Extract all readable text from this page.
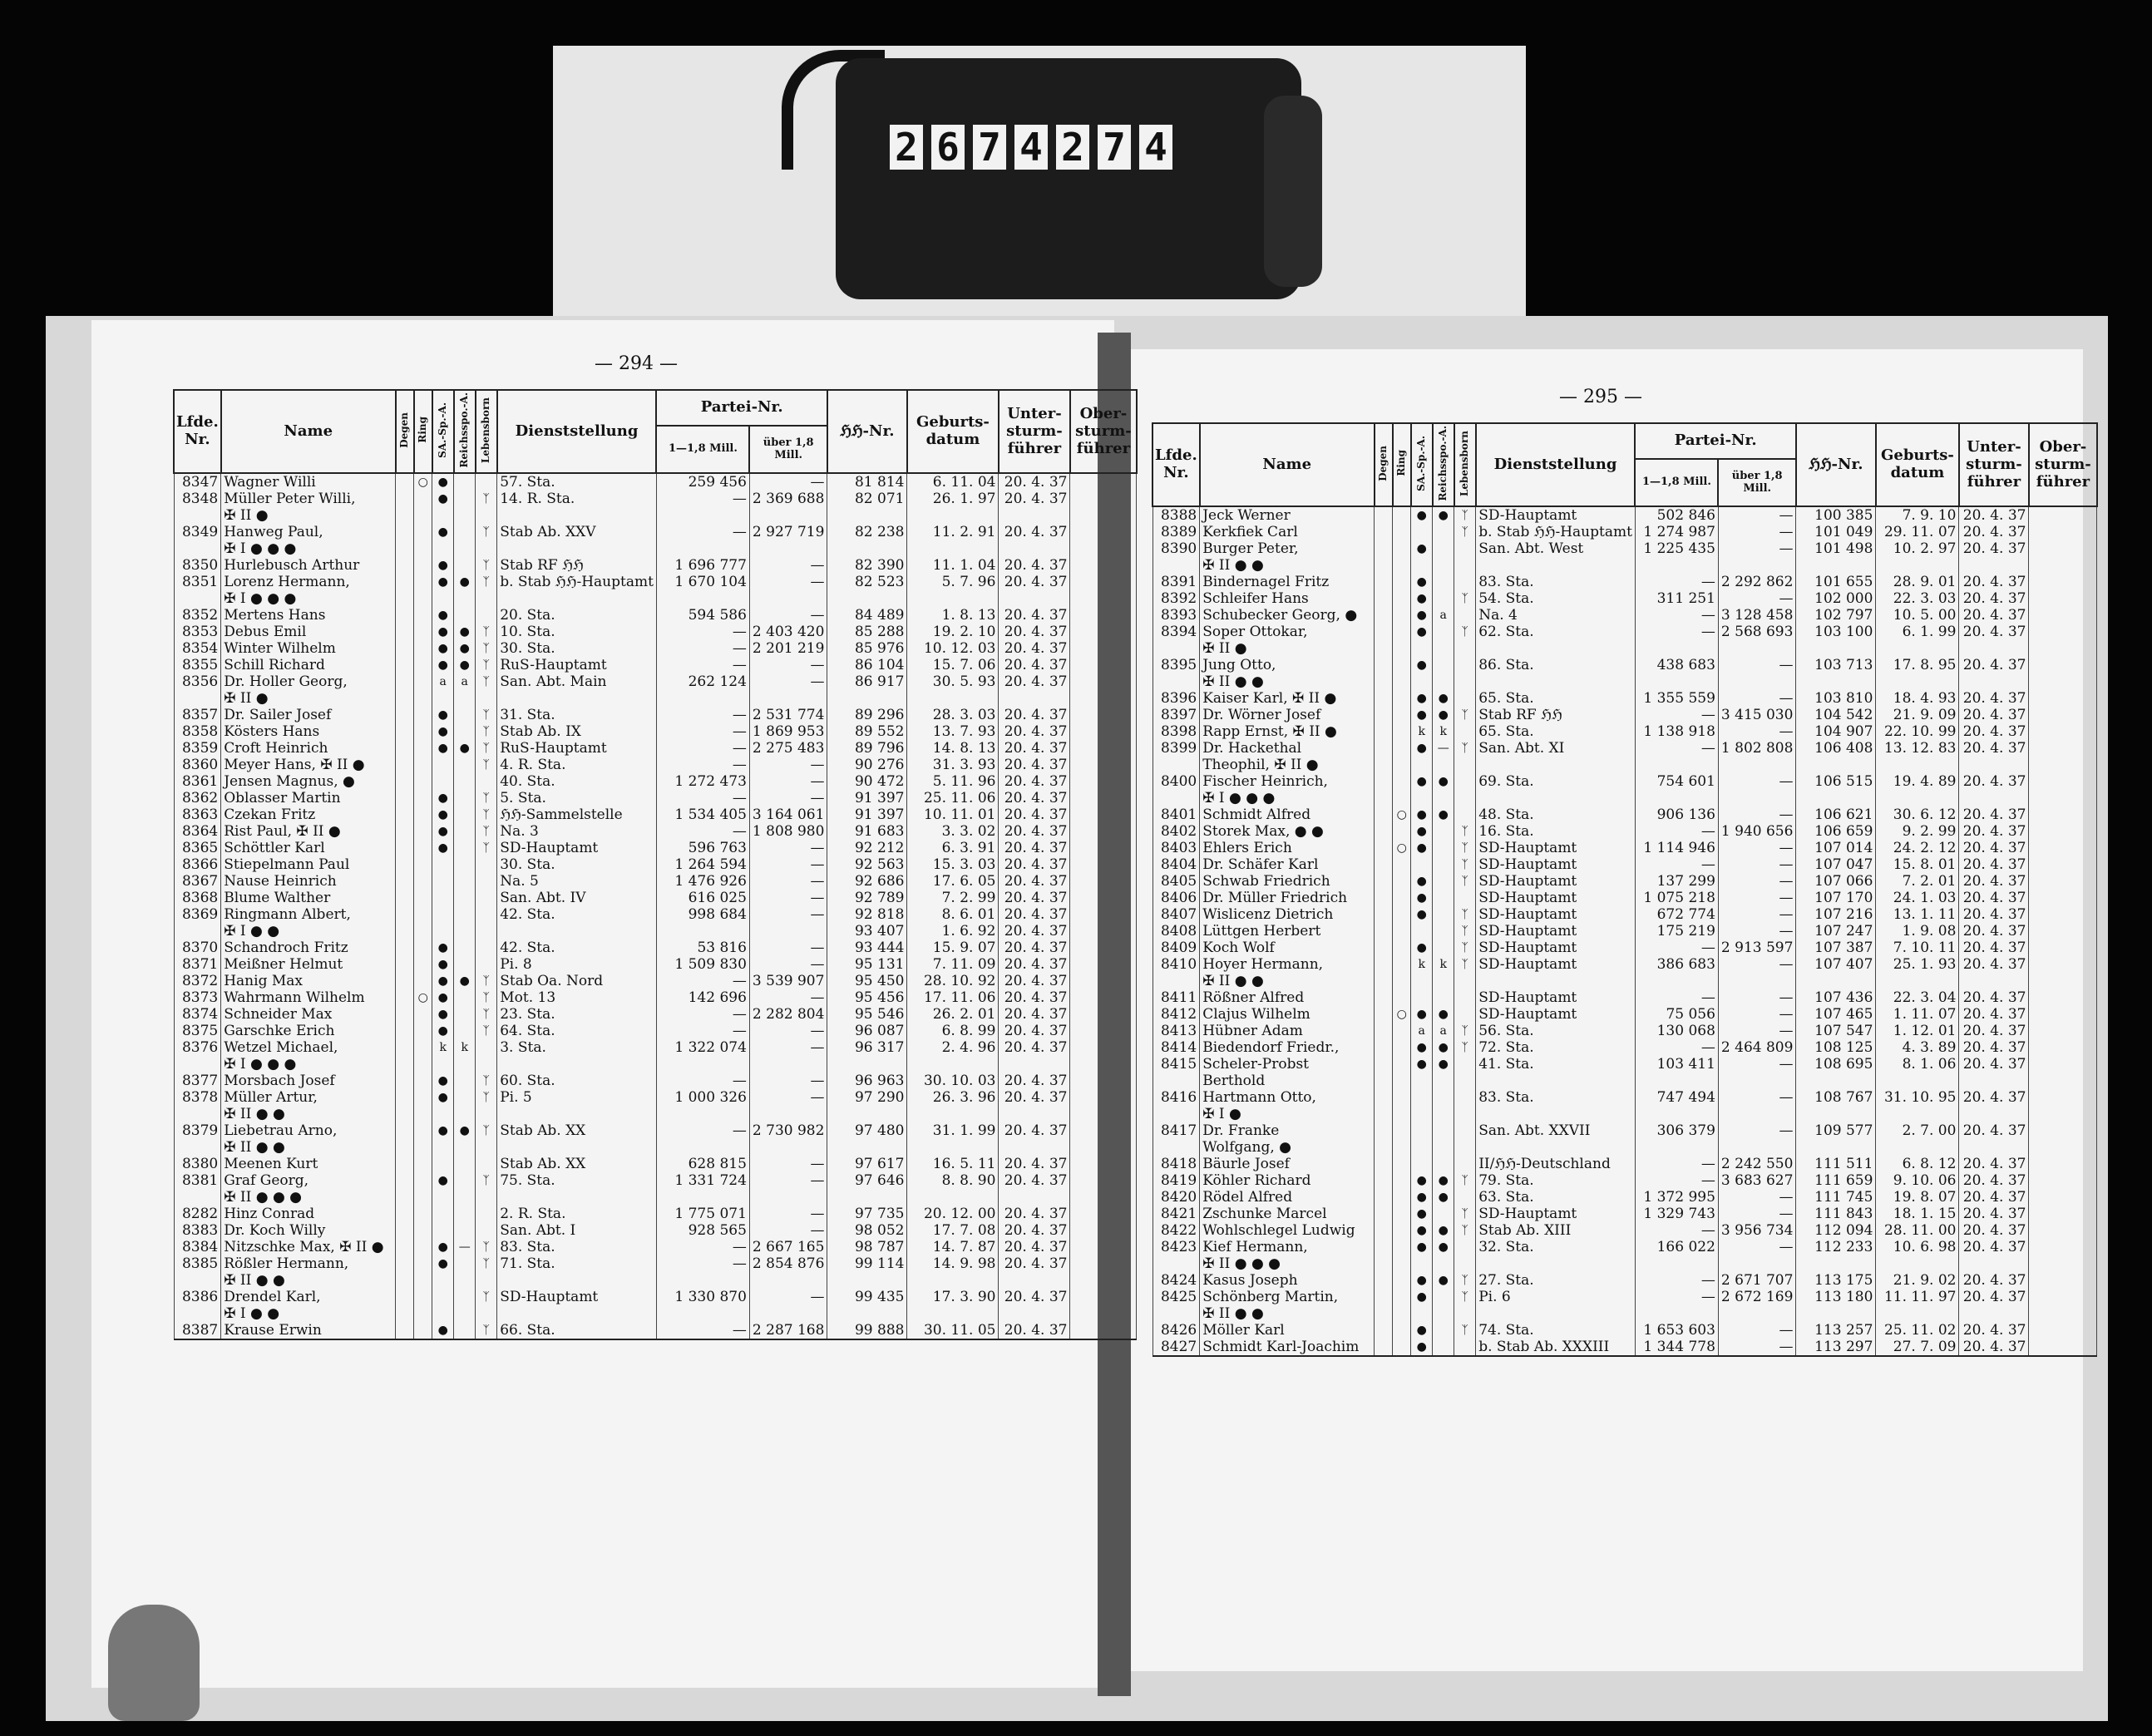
2 6 7 4 2 7 4
— 294 —
— 295 —
Lfde. Nr.	Name	Degen	Ring	SA.-Sp.-A.	Reichsspo.-A.	Lebensborn	Dienststellung	Partei-Nr.		ℌℌ-Nr.	Geburts-datum	Unter-sturm-führer	Ober-sturm-führer
								1—1,8 Mill.	über 1,8 Mill.				
8347	Wagner Willi		○	●			57. Sta.	259 456	—	81 814	6. 11. 04	20. 4. 37	
8348	Müller Peter Willi,			●		ᛉ	14. R. Sta.	—	2 369 688	82 071	26. 1. 97	20. 4. 37	
	✠ II ●												
8349	Hanweg Paul,			●		ᛉ	Stab Ab. XXV	—	2 927 719	82 238	11. 2. 91	20. 4. 37	
	✠ I ● ● ●												
8350	Hurlebusch Arthur			●		ᛉ	Stab RF ℌℌ	1 696 777	—	82 390	11. 1. 04	20. 4. 37	
8351	Lorenz Hermann,			●	●	ᛉ	b. Stab ℌℌ-Hauptamt	1 670 104	—	82 523	5. 7. 96	20. 4. 37	
	✠ I ● ● ●												
8352	Mertens Hans			●			20. Sta.	594 586	—	84 489	1. 8. 13	20. 4. 37	
8353	Debus Emil			●	●	ᛉ	10. Sta.	—	2 403 420	85 288	19. 2. 10	20. 4. 37	
8354	Winter Wilhelm			●	●	ᛉ	30. Sta.	—	2 201 219	85 976	10. 12. 03	20. 4. 37	
8355	Schill Richard			●	●	ᛉ	RuS-Hauptamt	—	—	86 104	15. 7. 06	20. 4. 37	
8356	Dr. Holler Georg,			a	a	ᛉ	San. Abt. Main	262 124	—	86 917	30. 5. 93	20. 4. 37	
	✠ II ●												
8357	Dr. Sailer Josef			●		ᛉ	31. Sta.	—	2 531 774	89 296	28. 3. 03	20. 4. 37	
8358	Kösters Hans			●		ᛉ	Stab Ab. IX	—	1 869 953	89 552	13. 7. 93	20. 4. 37	
8359	Croft Heinrich			●	●	ᛉ	RuS-Hauptamt	—	2 275 483	89 796	14. 8. 13	20. 4. 37	
8360	Meyer Hans, ✠ II ●					ᛉ	4. R. Sta.	—	—	90 276	31. 3. 93	20. 4. 37	
8361	Jensen Magnus, ●						40. Sta.	1 272 473	—	90 472	5. 11. 96	20. 4. 37	
8362	Oblasser Martin			●		ᛉ	5. Sta.	—	—	91 397	25. 11. 06	20. 4. 37	
8363	Czekan Fritz			●		ᛉ	ℌℌ-Sammelstelle	1 534 405	3 164 061	91 397	10. 11. 01	20. 4. 37	
8364	Rist Paul, ✠ II ●			●		ᛉ	Na. 3	—	1 808 980	91 683	3. 3. 02	20. 4. 37	
8365	Schöttler Karl			●		ᛉ	SD-Hauptamt	596 763	—	92 212	6. 3. 91	20. 4. 37	
8366	Stiepelmann Paul						30. Sta.	1 264 594	—	92 563	15. 3. 03	20. 4. 37	
8367	Nause Heinrich						Na. 5	1 476 926	—	92 686	17. 6. 05	20. 4. 37	
8368	Blume Walther						San. Abt. IV	616 025	—	92 789	7. 2. 99	20. 4. 37	
8369	Ringmann Albert,						42. Sta.	998 684	—	92 818	8. 6. 01	20. 4. 37	
	✠ I ● ●									93 407	1. 6. 92	20. 4. 37	
8370	Schandroch Fritz			●			42. Sta.	53 816	—	93 444	15. 9. 07	20. 4. 37	
8371	Meißner Helmut			●			Pi. 8	1 509 830	—	95 131	7. 11. 09	20. 4. 37	
8372	Hanig Max			●	●	ᛉ	Stab Oa. Nord	—	3 539 907	95 450	28. 10. 92	20. 4. 37	
8373	Wahrmann Wilhelm		○	●		ᛉ	Mot. 13	142 696	—	95 456	17. 11. 06	20. 4. 37	
8374	Schneider Max			●		ᛉ	23. Sta.	—	2 282 804	95 546	26. 2. 01	20. 4. 37	
8375	Garschke Erich			●		ᛉ	64. Sta.	—	—	96 087	6. 8. 99	20. 4. 37	
8376	Wetzel Michael,			k	k		3. Sta.	1 322 074	—	96 317	2. 4. 96	20. 4. 37	
	✠ I ● ● ●												
8377	Morsbach Josef			●		ᛉ	60. Sta.	—	—	96 963	30. 10. 03	20. 4. 37	
8378	Müller Artur,			●		ᛉ	Pi. 5	1 000 326	—	97 290	26. 3. 96	20. 4. 37	
	✠ II ● ●												
8379	Liebetrau Arno,			●	●	ᛉ	Stab Ab. XX	—	2 730 982	97 480	31. 1. 99	20. 4. 37	
	✠ II ● ●												
8380	Meenen Kurt						Stab Ab. XX	628 815	—	97 617	16. 5. 11	20. 4. 37	
8381	Graf Georg,			●		ᛉ	75. Sta.	1 331 724	—	97 646	8. 8. 90	20. 4. 37	
	✠ II ● ● ●												
8282	Hinz Conrad						2. R. Sta.	1 775 071	—	97 735	20. 12. 00	20. 4. 37	
8383	Dr. Koch Willy						San. Abt. I	928 565	—	98 052	17. 7. 08	20. 4. 37	
8384	Nitzschke Max, ✠ II ●			●	—	ᛉ	83. Sta.	—	2 667 165	98 787	14. 7. 87	20. 4. 37	
8385	Rößler Hermann,			●		ᛉ	71. Sta.	—	2 854 876	99 114	14. 9. 98	20. 4. 37	
	✠ II ● ●												
8386	Drendel Karl,					ᛉ	SD-Hauptamt	1 330 870	—	99 435	17. 3. 90	20. 4. 37	
	✠ I ● ●												
8387	Krause Erwin			●		ᛉ	66. Sta.	—	2 287 168	99 888	30. 11. 05	20. 4. 37	
Lfde. Nr.	Name	Degen	Ring	SA.-Sp.-A.	Reichsspo.-A.	Lebensborn	Dienststellung	Partei-Nr.		ℌℌ-Nr.	Geburts-datum	Unter-sturm-führer	Ober-sturm-führer
								1—1,8 Mill.	über 1,8 Mill.				
8388	Jeck Werner			●	●	ᛉ	SD-Hauptamt	502 846	—	100 385	7. 9. 10	20. 4. 37	
8389	Kerkfiek Carl					ᛉ	b. Stab ℌℌ-Hauptamt	1 274 987	—	101 049	29. 11. 07	20. 4. 37	
8390	Burger Peter,			●			San. Abt. West	1 225 435	—	101 498	10. 2. 97	20. 4. 37	
	✠ II ● ●												
8391	Bindernagel Fritz			●			83. Sta.	—	2 292 862	101 655	28. 9. 01	20. 4. 37	
8392	Schleifer Hans			●		ᛉ	54. Sta.	311 251	—	102 000	22. 3. 03	20. 4. 37	
8393	Schubecker Georg, ●			●	a		Na. 4	—	3 128 458	102 797	10. 5. 00	20. 4. 37	
8394	Soper Ottokar,			●		ᛉ	62. Sta.	—	2 568 693	103 100	6. 1. 99	20. 4. 37	
	✠ II ●												
8395	Jung Otto,			●			86. Sta.	438 683	—	103 713	17. 8. 95	20. 4. 37	
	✠ II ● ●												
8396	Kaiser Karl, ✠ II ●			●	●		65. Sta.	1 355 559	—	103 810	18. 4. 93	20. 4. 37	
8397	Dr. Wörner Josef			●	●	ᛉ	Stab RF ℌℌ	—	3 415 030	104 542	21. 9. 09	20. 4. 37	
8398	Rapp Ernst, ✠ II ●			k	k		65. Sta.	1 138 918	—	104 907	22. 10. 99	20. 4. 37	
8399	Dr. Hackethal			●	—	ᛉ	San. Abt. XI	—	1 802 808	106 408	13. 12. 83	20. 4. 37	
	Theophil, ✠ II ●												
8400	Fischer Heinrich,			●	●		69. Sta.	754 601	—	106 515	19. 4. 89	20. 4. 37	
	✠ I ● ● ●												
8401	Schmidt Alfred		○	●	●		48. Sta.	906 136	—	106 621	30. 6. 12	20. 4. 37	
8402	Storek Max, ● ●			●		ᛉ	16. Sta.	—	1 940 656	106 659	9. 2. 99	20. 4. 37	
8403	Ehlers Erich		○	●		ᛉ	SD-Hauptamt	1 114 946	—	107 014	24. 2. 12	20. 4. 37	
8404	Dr. Schäfer Karl					ᛉ	SD-Hauptamt	—	—	107 047	15. 8. 01	20. 4. 37	
8405	Schwab Friedrich			●		ᛉ	SD-Hauptamt	137 299	—	107 066	7. 2. 01	20. 4. 37	
8406	Dr. Müller Friedrich			●			SD-Hauptamt	1 075 218	—	107 170	24. 1. 03	20. 4. 37	
8407	Wislicenz Dietrich			●		ᛉ	SD-Hauptamt	672 774	—	107 216	13. 1. 11	20. 4. 37	
8408	Lüttgen Herbert					ᛉ	SD-Hauptamt	175 219	—	107 247	1. 9. 08	20. 4. 37	
8409	Koch Wolf			●		ᛉ	SD-Hauptamt	—	2 913 597	107 387	7. 10. 11	20. 4. 37	
8410	Hoyer Hermann,			k	k	ᛉ	SD-Hauptamt	386 683	—	107 407	25. 1. 93	20. 4. 37	
	✠ II ● ●												
8411	Rößner Alfred						SD-Hauptamt	—	—	107 436	22. 3. 04	20. 4. 37	
8412	Clajus Wilhelm		○	●	●		SD-Hauptamt	75 056	—	107 465	1. 11. 07	20. 4. 37	
8413	Hübner Adam			a	a	ᛉ	56. Sta.	130 068	—	107 547	1. 12. 01	20. 4. 37	
8414	Biedendorf Friedr.,			●	●	ᛉ	72. Sta.	—	2 464 809	108 125	4. 3. 89	20. 4. 37	
8415	Scheler-Probst			●	●		41. Sta.	103 411	—	108 695	8. 1. 06	20. 4. 37	
	Berthold												
8416	Hartmann Otto,						83. Sta.	747 494	—	108 767	31. 10. 95	20. 4. 37	
	✠ I ●												
8417	Dr. Franke						San. Abt. XXVII	306 379	—	109 577	2. 7. 00	20. 4. 37	
	Wolfgang, ●												
8418	Bäurle Josef						II/ℌℌ-Deutschland	—	2 242 550	111 511	6. 8. 12	20. 4. 37	
8419	Köhler Richard			●	●	ᛉ	79. Sta.	—	3 683 627	111 659	9. 10. 06	20. 4. 37	
8420	Rödel Alfred			●	●		63. Sta.	1 372 995	—	111 745	19. 8. 07	20. 4. 37	
8421	Zschunke Marcel			●		ᛉ	SD-Hauptamt	1 329 743	—	111 843	18. 1. 15	20. 4. 37	
8422	Wohlschlegel Ludwig			●	●	ᛉ	Stab Ab. XIII	—	3 956 734	112 094	28. 11. 00	20. 4. 37	
8423	Kief Hermann,			●	●		32. Sta.	166 022	—	112 233	10. 6. 98	20. 4. 37	
	✠ II ● ● ●												
8424	Kasus Joseph			●	●	ᛉ	27. Sta.	—	2 671 707	113 175	21. 9. 02	20. 4. 37	
8425	Schönberg Martin,			●		ᛉ	Pi. 6	—	2 672 169	113 180	11. 11. 97	20. 4. 37	
	✠ II ● ●												
8426	Möller Karl			●		ᛉ	74. Sta.	1 653 603	—	113 257	25. 11. 02	20. 4. 37	
8427	Schmidt Karl-Joachim			●			b. Stab Ab. XXXIII	1 344 778	—	113 297	27. 7. 09	20. 4. 37	
